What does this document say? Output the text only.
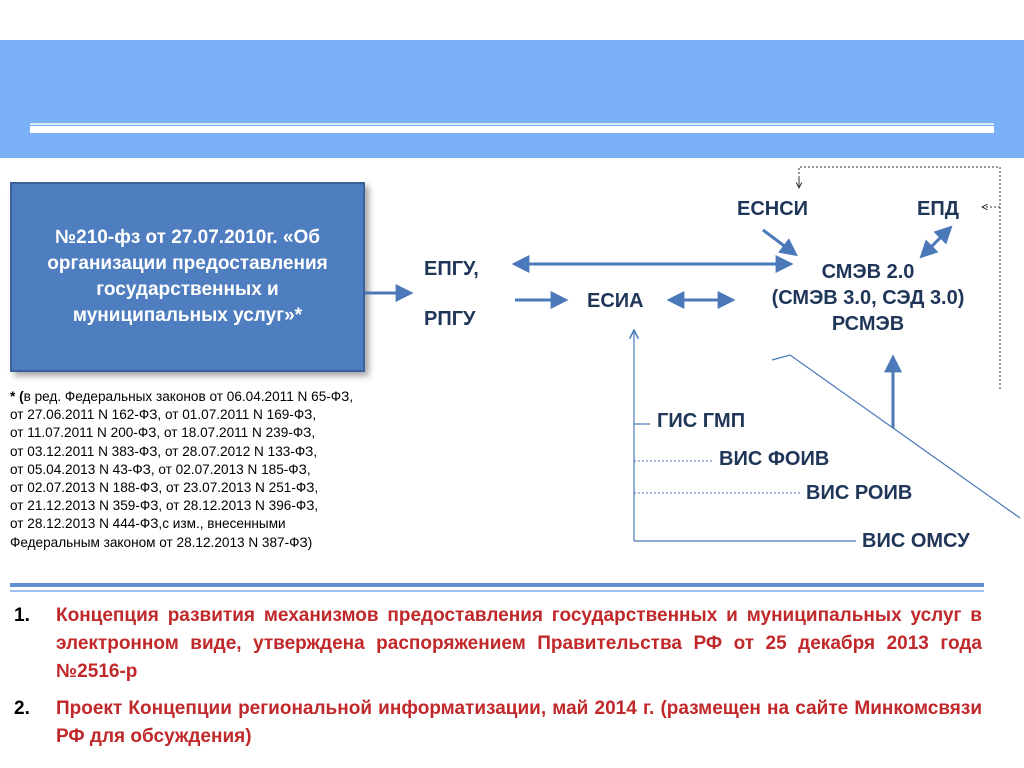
№210-фз от 27.07.2010г. «Об организации предоставления государственных и муниципальных услуг»*
* (в ред. Федеральных законов от 06.04.2011 N 65-ФЗ,
от 27.06.2011 N 162-ФЗ, от 01.07.2011 N 169-ФЗ,
от 11.07.2011 N 200-ФЗ, от 18.07.2011 N 239-ФЗ,
от 03.12.2011 N 383-ФЗ, от 28.07.2012 N 133-ФЗ,
от 05.04.2013 N 43-ФЗ, от 02.07.2013 N 185-ФЗ,
от 02.07.2013 N 188-ФЗ, от 23.07.2013 N 251-ФЗ,
от 21.12.2013 N 359-ФЗ, от 28.12.2013 N 396-ФЗ,
от 28.12.2013 N 444-ФЗ,с изм., внесенными
Федеральным законом от 28.12.2013 N 387-ФЗ)
ЕПГУ,
РПГУ
ЕСИА
ЕСНСИ	ЕПД
СМЭВ 2.0
(СМЭВ 3.0, СЭД 3.0)
РСМЭВ
ГИС ГМП
ВИС ФОИВ
ВИС РОИВ
ВИС ОМСУ
1.	Концепция развития механизмов предоставления государственных и муниципальных услуг в электронном виде, утверждена распоряжением Правительства РФ от 25 декабря 2013 года №2516-р
2.	Проект Концепции региональной информатизации, май 2014 г. (размещен на сайте Минкомсвязи РФ для обсуждения)
